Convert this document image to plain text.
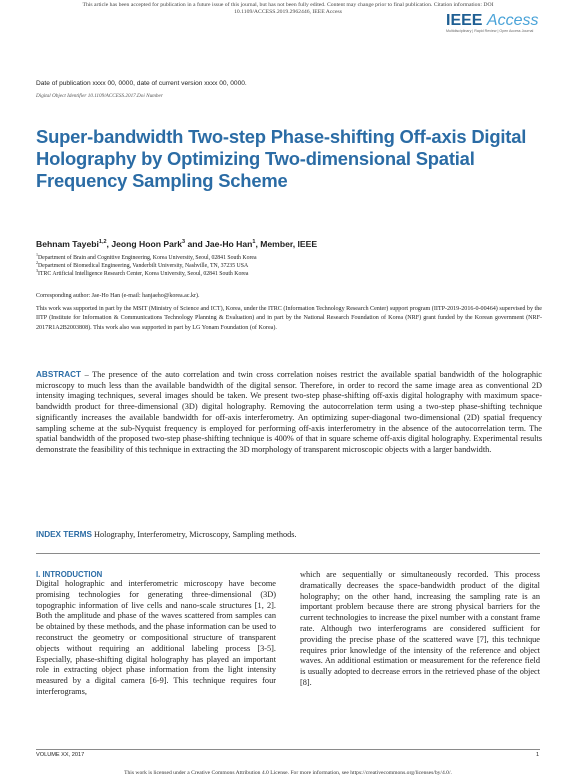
This article has been accepted for publication in a future issue of this journal, but has not been fully edited. Content may change prior to final publication. Citation information: DOI
10.1109/ACCESS.2019.2962446, IEEE Access	IEEE Access
Multidisciplinary | Rapid Review | Open Access Journal
Date of publication xxxx 00, 0000, date of current version xxxx 00, 0000.
Digital Object Identifier 10.1109/ACCESS.2017.Doi Number
Super-bandwidth Two-step Phase-shifting Off-axis Digital Holography by Optimizing Two-dimensional Spatial Frequency Sampling Scheme
Behnam Tayebi$^{1,2}$, Jeong Hoon Park$^3$ and Jae-Ho Han$^1$, Member, IEEE
$^1$Department of Brain and Cognitive Engineering, Korea University, Seoul, 02841 South Korea
$^2$Department of Biomedical Engineering, Vanderbilt University, Nashville, TN, 37235 USA
$^3$ITRC Artificial Intelligence Research Center, Korea University, Seoul, 02841 South Korea
Corresponding author: Jae-Ho Han (e-mail: hanjaeho@korea.ac.kr).
This work was supported in part by the MSIT (Ministry of Science and ICT), Korea, under the ITRC (Information Technology Research Center) support program (IITP-2019-2016-0-00464) supervised by the IITP (Institute for Information & Communications Technology Planning & Evaluation) and in part by the National Research Foundation of Korea (NRF) grant funded by the Korean government (NRF-2017R1A2B2003808). This work also was supported in part by LG Yonam Foundation (of Korea).
ABSTRACT – The presence of the auto correlation and twin cross correlation noises restrict the available spatial bandwidth of the holographic microscopy to much less than the available bandwidth of the digital sensor. Therefore, in order to record the same image area as conventional 2D intensity imaging techniques, several images should be taken. We present two-step phase-shifting off-axis digital holography with maximum space-bandwidth product for three-dimensional (3D) digital holography. Removing the autocorrelation term using a two-step phase-shifting technique significantly increases the available bandwidth for off-axis interferometry. An optimizing super-diagonal two-dimensional (2D) spatial frequency sampling scheme at the sub-Nyquist frequency is employed for performing off-axis interferometry in the absence of the autocorrelation term. The spatial bandwidth of the proposed two-step phase-shifting technique is 400% of that in square scheme off-axis digital holography. Experimental results demonstrate the feasibility of this technique in extracting the 3D morphology of transparent microscopic objects with a larger bandwidth.
INDEX TERMS Holography, Interferometry, Microscopy, Sampling methods.
I. INTRODUCTION
Digital holographic and interferometric microscopy have become promising technologies for generating three-dimensional (3D) topographic information of live cells and nano-scale structures [1, 2]. Both the amplitude and phase of the waves scattered from samples can be obtained by these methods, and the phase information can be used to reconstruct the geometry or compositional structure of transparent objects without requiring an additional labeling process [3-5]. Especially, phase-shifting digital holography has played an important role in extracting object phase information from the light intensity measured by a digital camera [6-9]. This technique requires four interferograms,
which are sequentially or simultaneously recorded. This process dramatically decreases the space-bandwidth product of the digital holography; on the other hand, increasing the sampling rate is an important problem because there are strong physical barriers for the current technologies to increase the pixel number with a constant frame rate. Although two interferograms are considered sufficient for providing the precise phase of the scattered wave [7], this technique requires prior knowledge of the intensity of the reference and object waves. An additional estimation or measurement for the reference field is usually adopted to decrease errors in the retrieved phase of the object [8].
VOLUME XX, 2017	1
This work is licensed under a Creative Commons Attribution 4.0 License. For more information, see https://creativecommons.org/licenses/by/4.0/.
